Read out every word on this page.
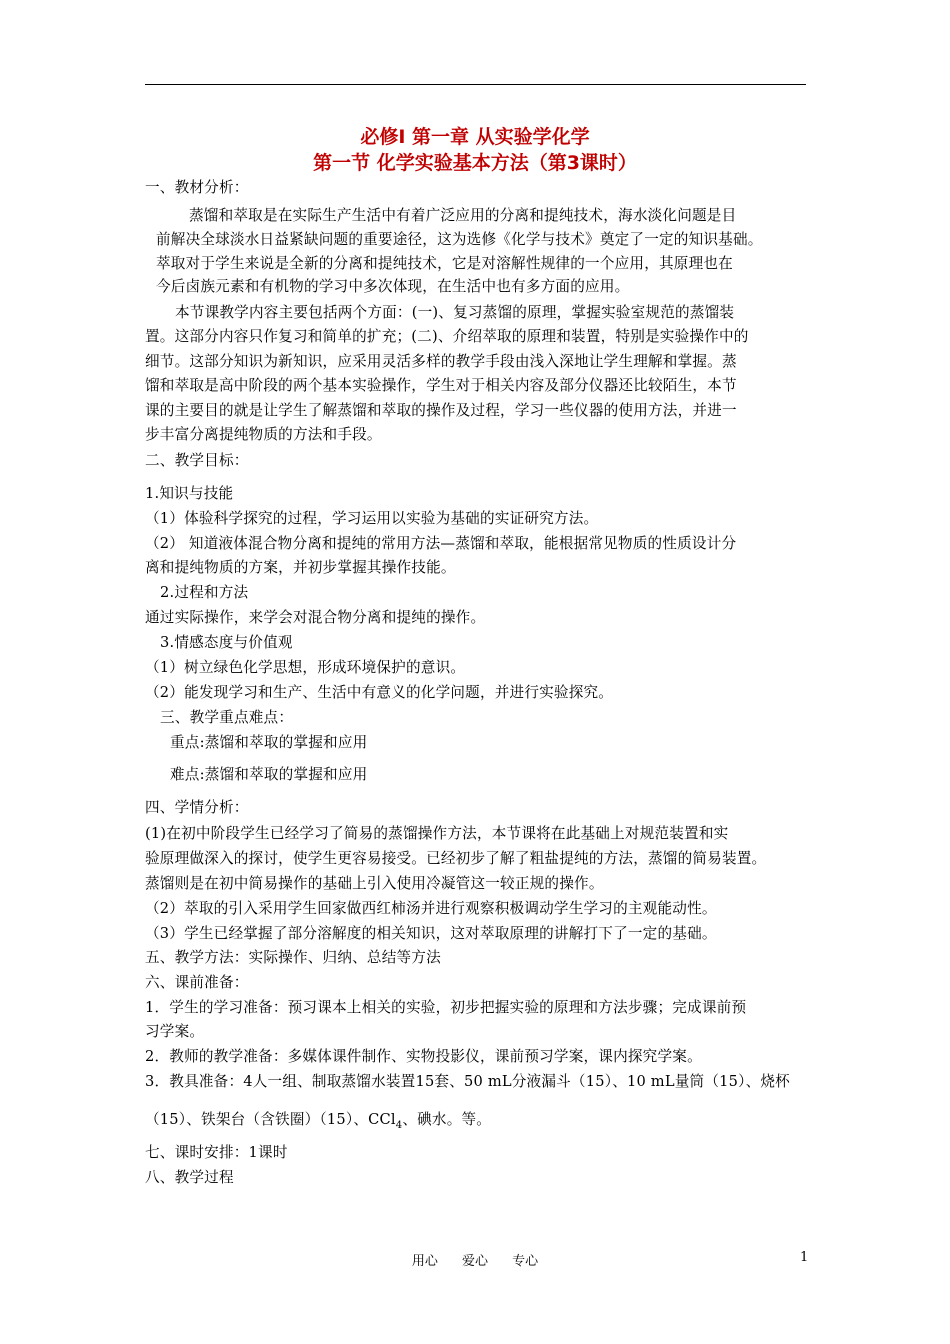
必修Ⅰ 第一章 从实验学化学
第一节 化学实验基本方法（第3课时）
一、教材分析：
蒸馏和萃取是在实际生产生活中有着广泛应用的分离和提纯技术，海水淡化问题是目
前解决全球淡水日益紧缺问题的重要途径，这为选修《化学与技术》奠定了一定的知识基础。
萃取对于学生来说是全新的分离和提纯技术，它是对溶解性规律的一个应用，其原理也在
今后卤族元素和有机物的学习中多次体现，在生活中也有多方面的应用。
本节课教学内容主要包括两个方面：(一)、复习蒸馏的原理，掌握实验室规范的蒸馏装
置。这部分内容只作复习和简单的扩充；(二)、介绍萃取的原理和装置，特别是实验操作中的
细节。这部分知识为新知识，应采用灵活多样的教学手段由浅入深地让学生理解和掌握。蒸
馏和萃取是高中阶段的两个基本实验操作，学生对于相关内容及部分仪器还比较陌生，本节
课的主要目的就是让学生了解蒸馏和萃取的操作及过程，学习一些仪器的使用方法，并进一
步丰富分离提纯物质的方法和手段。
二、教学目标：
1.知识与技能
（1）体验科学探究的过程，学习运用以实验为基础的实证研究方法。
（2） 知道液体混合物分离和提纯的常用方法—蒸馏和萃取，能根据常见物质的性质设计分
离和提纯物质的方案，并初步掌握其操作技能。
2.过程和方法
通过实际操作，来学会对混合物分离和提纯的操作。
3.情感态度与价值观
（1）树立绿色化学思想，形成环境保护的意识。
（2）能发现学习和生产、生活中有意义的化学问题，并进行实验探究。
三、教学重点难点：
重点:蒸馏和萃取的掌握和应用
难点:蒸馏和萃取的掌握和应用
四、学情分析：
(1)在初中阶段学生已经学习了简易的蒸馏操作方法，本节课将在此基础上对规范装置和实
验原理做深入的探讨，使学生更容易接受。已经初步了解了粗盐提纯的方法，蒸馏的简易装置。
蒸馏则是在初中简易操作的基础上引入使用冷凝管这一较正规的操作。
（2）萃取的引入采用学生回家做西红柿汤并进行观察积极调动学生学习的主观能动性。
（3）学生已经掌握了部分溶解度的相关知识，这对萃取原理的讲解打下了一定的基础。
五、教学方法：实际操作、归纳、总结等方法
六、课前准备：
1．学生的学习准备：预习课本上相关的实验，初步把握实验的原理和方法步骤；完成课前预
习学案。
2．教师的教学准备：多媒体课件制作、实物投影仪，课前预习学案，课内探究学案。
3．教具准备：4人一组、制取蒸馏水装置15套、50 mL分液漏斗（15）、10 mL量筒（15）、烧杯
（15）、铁架台（含铁圈）（15）、CCl$_4$、碘水。等。
七、课时安排：1课时
八、教学过程
用心 爱心 专心	1
